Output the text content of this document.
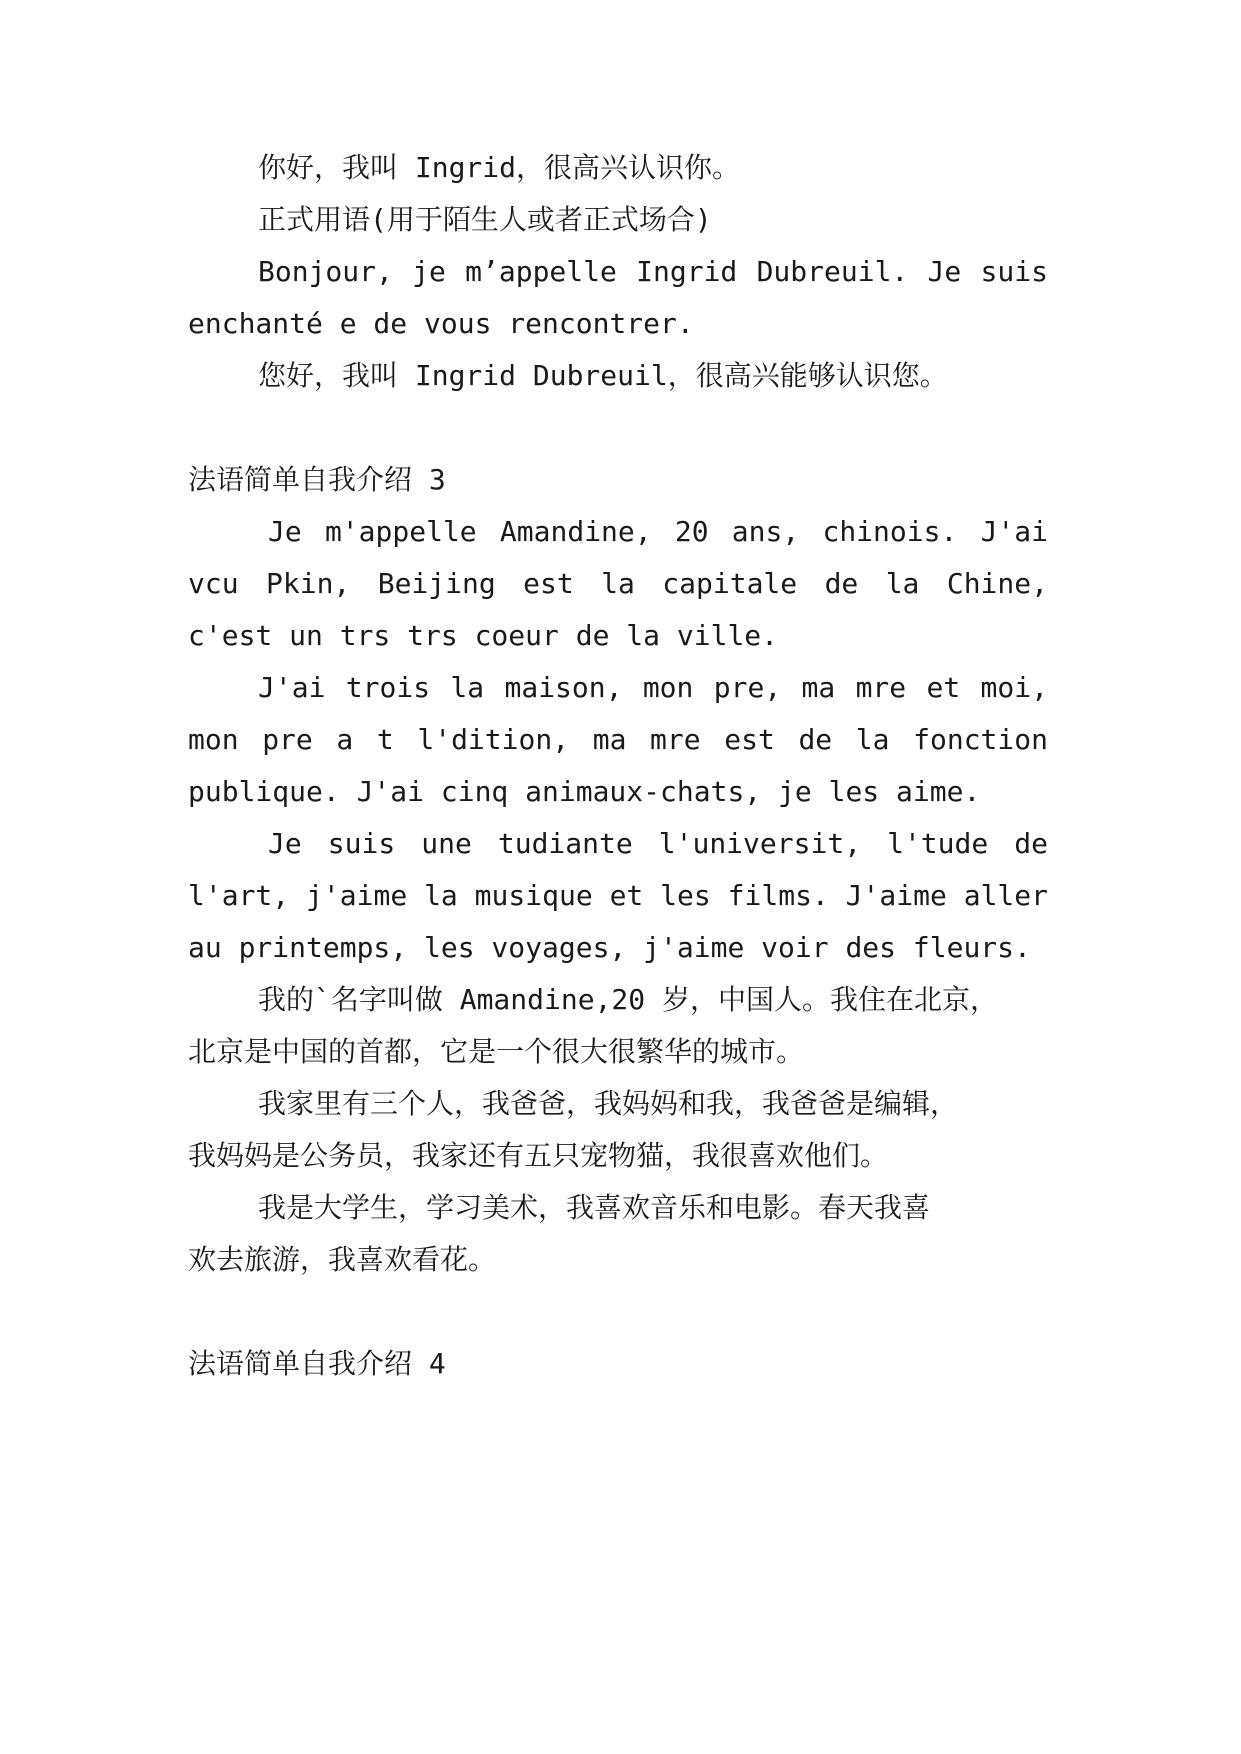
你好，我叫 Ingrid，很高兴认识你。
正式用语(用于陌生人或者正式场合)
Bonjour, je m’appelle Ingrid Dubreuil. Je suis
enchanté e de vous rencontrer.
您好，我叫 Ingrid Dubreuil，很高兴能够认识您。
法语简单自我介绍 3
Je m'appelle Amandine, 20 ans, chinois. J'ai
vcu Pkin, Beijing est la capitale de la Chine,
c'est un trs trs coeur de la ville.
J'ai trois la maison, mon pre, ma mre et moi,
mon pre a t l'dition, ma mre est de la fonction
publique. J'ai cinq animaux-chats, je les aime.
Je suis une tudiante l'universit, l'tude de
l'art, j'aime la musique et les films. J'aime aller
au printemps, les voyages, j'aime voir des fleurs.
我的`名字叫做 Amandine,20 岁，中国人。我住在北京，
北京是中国的首都，它是一个很大很繁华的城市。
我家里有三个人，我爸爸，我妈妈和我，我爸爸是编辑，
我妈妈是公务员，我家还有五只宠物猫，我很喜欢他们。
我是大学生，学习美术，我喜欢音乐和电影。春天我喜
欢去旅游，我喜欢看花。
法语简单自我介绍 4
